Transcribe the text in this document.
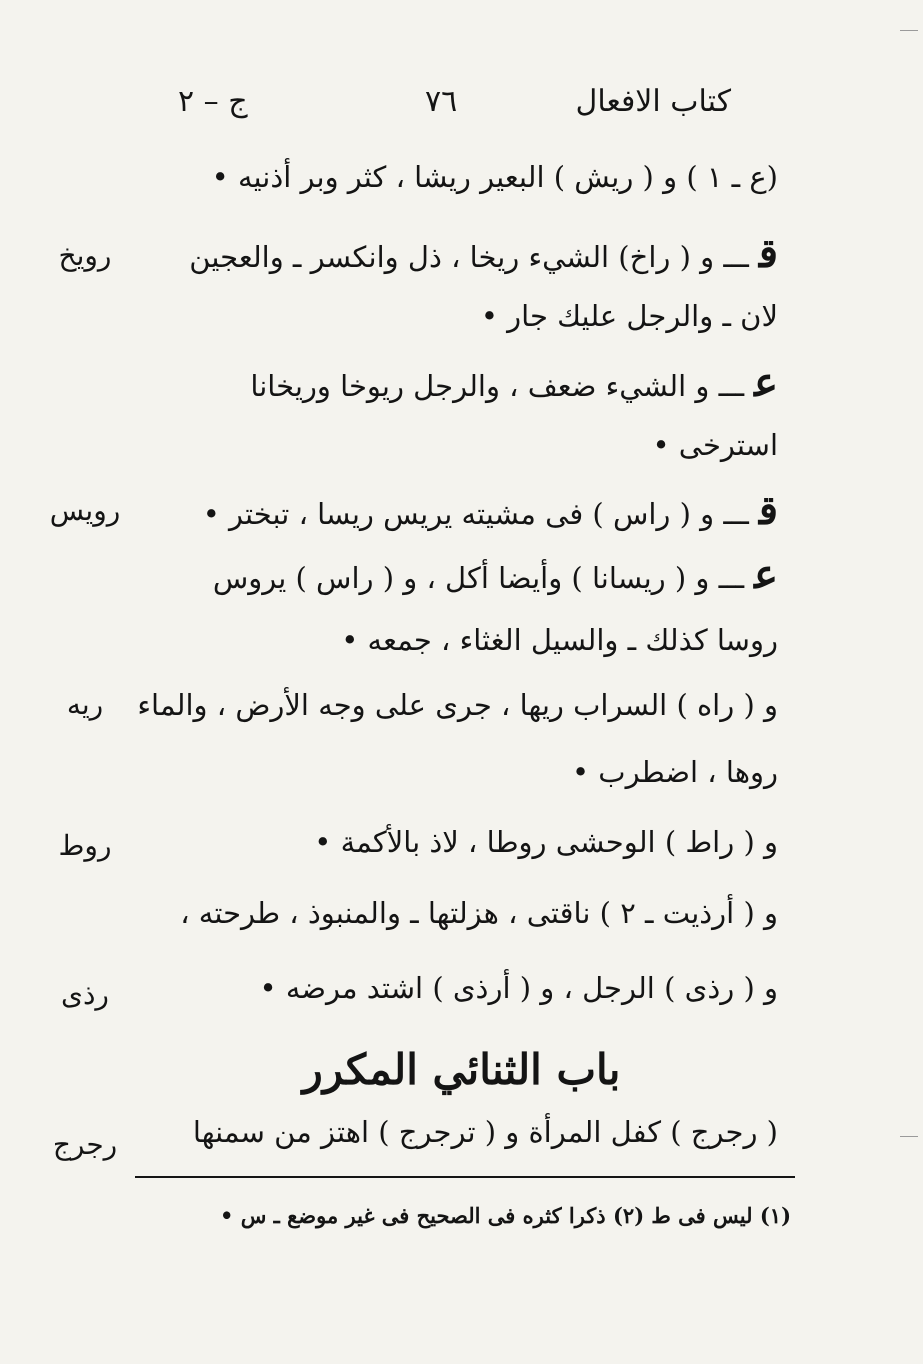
كتاب الافعال
٧٦
ج – ٢
(ع ـ ١ ) و ( ريش ) البعير ريشا ، كثر وبر أذنيه •
قـــ و ( راخ) الشيء ريخا ، ذل وانكسر ـ والعجين
لان ـ والرجل عليك جار •
عـــ و الشيء ضعف ، والرجل ريوخا وريخانا
استرخى •
قـــ و ( راس ) فى مشيته يريس ريسا ، تبختر •
عـــ و ( ريسانا ) وأيضا أكل ، و ( راس ) يروس
روسا كذلك ـ والسيل الغثاء ، جمعه •
و ( راه ) السراب ريها ، جرى على وجه الأرض ، والماء
روها ، اضطرب •
و ( راط ) الوحشى روطا ، لاذ بالأكمة •
و ( أرذيت ـ ٢ ) ناقتى ، هزلتها ـ والمنبوذ ، طرحته ،
و ( رذى ) الرجل ، و ( أرذى ) اشتد مرضه •
باب الثنائي المكرر
( رجرج ) كفل المرأة و ( ترجرج ) اهتز من سمنها
رويخ
رويس
ريه
روط
رذى
رجرج
(١) ليس فى ط (٢) ذكرا كثره فى الصحيح فى غير موضع ـ س •
